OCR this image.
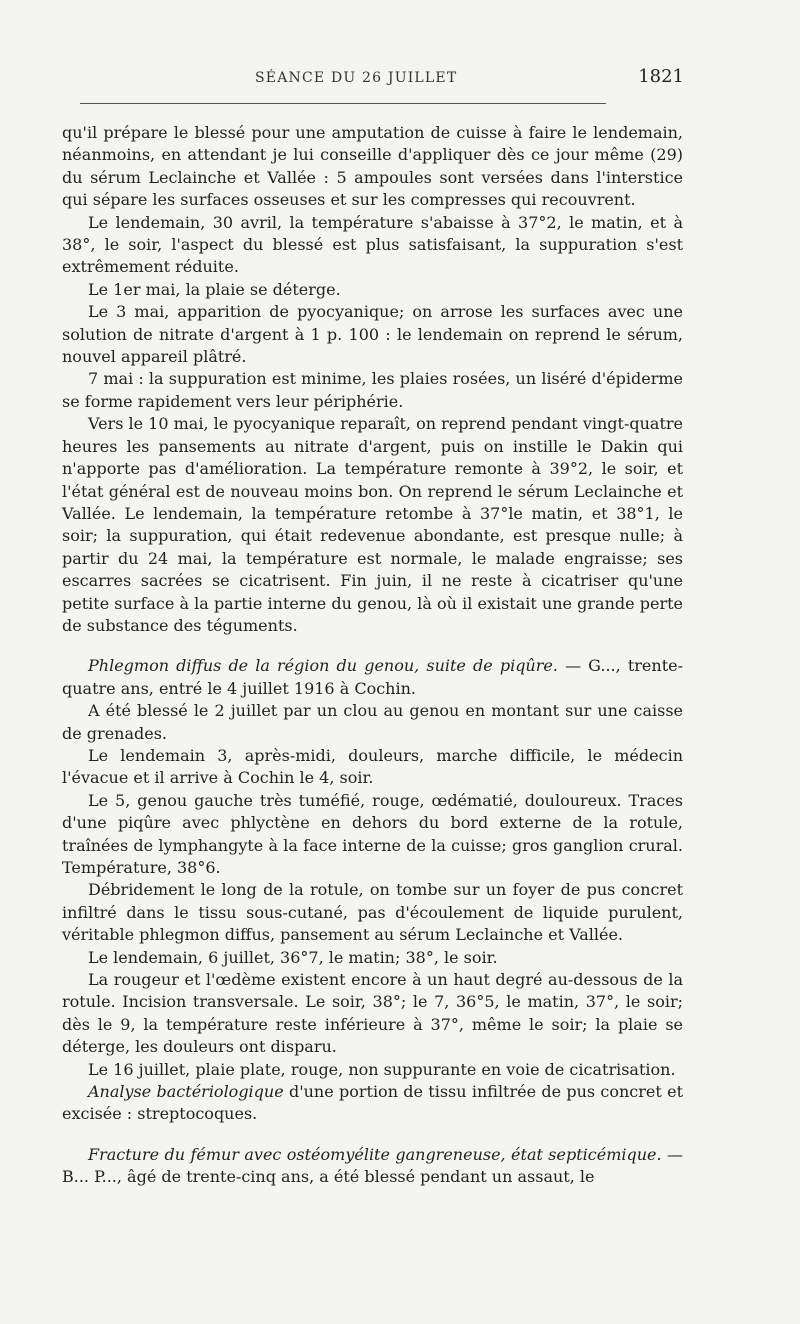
SÉANCE DU 26 JUILLET	1821

qu'il prépare le blessé pour une amputation de cuisse à faire le lendemain, néanmoins, en attendant je lui conseille d'appliquer dès ce jour même (29) du sérum Leclainche et Vallée : 5 ampoules sont versées dans l'interstice qui sépare les surfaces osseuses et sur les compresses qui recouvrent.

Le lendemain, 30 avril, la température s'abaisse à 37°2, le matin, et à 38°, le soir, l'aspect du blessé est plus satisfaisant, la suppuration s'est extrêmement réduite.

Le 1er mai, la plaie se déterge.

Le 3 mai, apparition de pyocyanique; on arrose les surfaces avec une solution de nitrate d'argent à 1 p. 100 : le lendemain on reprend le sérum, nouvel appareil plâtré.

7 mai : la suppuration est minime, les plaies rosées, un liséré d'épiderme se forme rapidement vers leur périphérie.

Vers le 10 mai, le pyocyanique reparaît, on reprend pendant vingt-quatre heures les pansements au nitrate d'argent, puis on instille le Dakin qui n'apporte pas d'amélioration. La température remonte à 39°2, le soir, et l'état général est de nouveau moins bon. On reprend le sérum Leclainche et Vallée. Le lendemain, la température retombe à 37°le matin, et 38°1, le soir; la suppuration, qui était redevenue abondante, est presque nulle; à partir du 24 mai, la température est normale, le malade engraisse; ses escarres sacrées se cicatrisent. Fin juin, il ne reste à cicatriser qu'une petite surface à la partie interne du genou, là où il existait une grande perte de substance des téguments.

Phlegmon diffus de la région du genou, suite de piqûre. — G..., trente-quatre ans, entré le 4 juillet 1916 à Cochin.

A été blessé le 2 juillet par un clou au genou en montant sur une caisse de grenades.

Le lendemain 3, après-midi, douleurs, marche difficile, le médecin l'évacue et il arrive à Cochin le 4, soir.

Le 5, genou gauche très tuméfié, rouge, œdématié, douloureux. Traces d'une piqûre avec phlyctène en dehors du bord externe de la rotule, traînées de lymphangyte à la face interne de la cuisse; gros ganglion crural. Température, 38°6.

Débridement le long de la rotule, on tombe sur un foyer de pus concret infiltré dans le tissu sous-cutané, pas d'écoulement de liquide purulent, véritable phlegmon diffus, pansement au sérum Leclainche et Vallée.

Le lendemain, 6 juillet, 36°7, le matin; 38°, le soir.

La rougeur et l'œdème existent encore à un haut degré au-dessous de la rotule. Incision transversale. Le soir, 38°; le 7, 36°5, le matin, 37°, le soir; dès le 9, la température reste inférieure à 37°, même le soir; la plaie se déterge, les douleurs ont disparu.

Le 16 juillet, plaie plate, rouge, non suppurante en voie de cicatrisation.

Analyse bactériologique d'une portion de tissu infiltrée de pus concret et excisée : streptocoques.

Fracture du fémur avec ostéomyélite gangreneuse, état septicémique. — B... P..., âgé de trente-cinq ans, a été blessé pendant un assaut, le
